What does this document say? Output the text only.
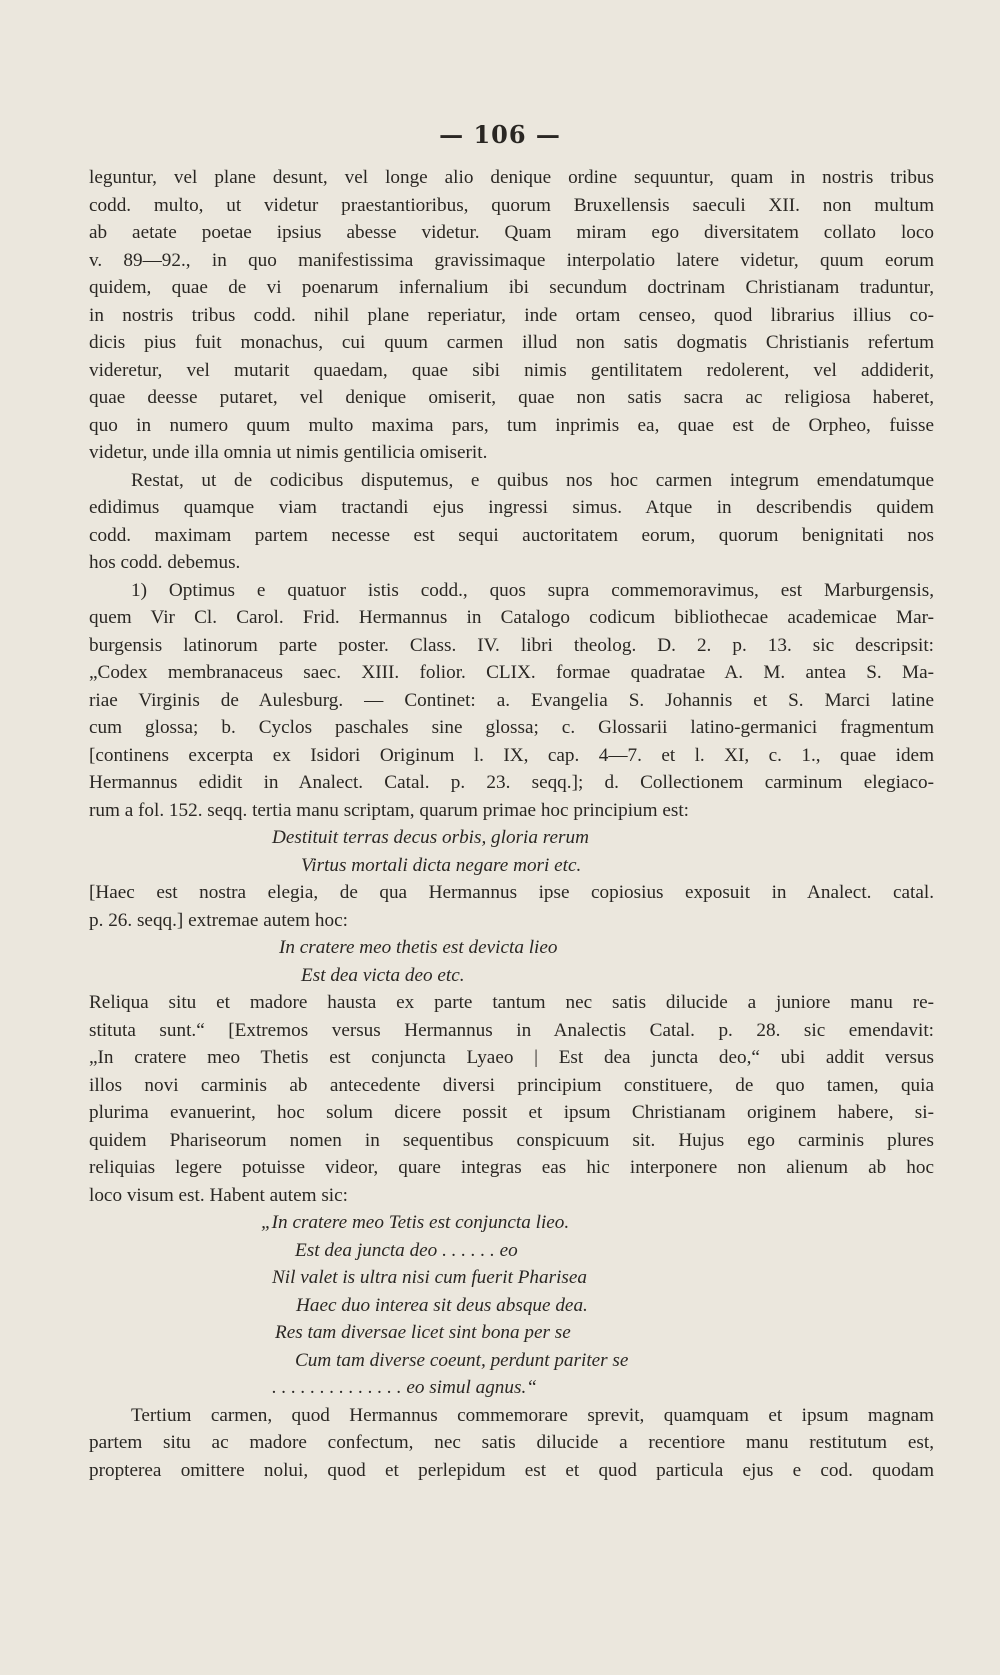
— 106 —
leguntur, vel plane desunt, vel longe alio denique ordine sequuntur, quam in nostris tribus
codd. multo, ut videtur praestantioribus, quorum Bruxellensis saeculi XII. non multum
ab aetate poetae ipsius abesse videtur. Quam miram ego diversitatem collato loco
v. 89—92., in quo manifestissima gravissimaque interpolatio latere videtur, quum eorum
quidem, quae de vi poenarum infernalium ibi secundum doctrinam Christianam traduntur,
in nostris tribus codd. nihil plane reperiatur, inde ortam censeo, quod librarius illius co-
dicis pius fuit monachus, cui quum carmen illud non satis dogmatis Christianis refertum
videretur, vel mutarit quaedam, quae sibi nimis gentilitatem redolerent, vel addiderit,
quae deesse putaret, vel denique omiserit, quae non satis sacra ac religiosa haberet,
quo in numero quum multo maxima pars, tum inprimis ea, quae est de Orpheo, fuisse
videtur, unde illa omnia ut nimis gentilicia omiserit.
Restat, ut de codicibus disputemus, e quibus nos hoc carmen integrum emendatumque
edidimus quamque viam tractandi ejus ingressi simus. Atque in describendis quidem
codd. maximam partem necesse est sequi auctoritatem eorum, quorum benignitati nos
hos codd. debemus.
1) Optimus e quatuor istis codd., quos supra commemoravimus, est Marburgensis,
quem Vir Cl. Carol. Frid. Hermannus in Catalogo codicum bibliothecae academicae Mar-
burgensis latinorum parte poster. Class. IV. libri theolog. D. 2. p. 13. sic descripsit:
„Codex membranaceus saec. XIII. folior. CLIX. formae quadratae A. M. antea S. Ma-
riae Virginis de Aulesburg. — Continet: a. Evangelia S. Johannis et S. Marci latine
cum glossa; b. Cyclos paschales sine glossa; c. Glossarii latino-germanici fragmentum
[continens excerpta ex Isidori Originum l. IX, cap. 4—7. et l. XI, c. 1., quae idem
Hermannus edidit in Analect. Catal. p. 23. seqq.]; d. Collectionem carminum elegiaco-
rum a fol. 152. seqq. tertia manu scriptam, quarum primae hoc principium est:
Destituit terras decus orbis, gloria rerum
Virtus mortali dicta negare mori etc.
[Haec est nostra elegia, de qua Hermannus ipse copiosius exposuit in Analect. catal.
p. 26. seqq.] extremae autem hoc:
In cratere meo thetis est devicta lieo
Est dea victa deo etc.
Reliqua situ et madore hausta ex parte tantum nec satis dilucide a juniore manu re-
stituta sunt.“ [Extremos versus Hermannus in Analectis Catal. p. 28. sic emendavit:
„In cratere meo Thetis est conjuncta Lyaeo | Est dea juncta deo,“ ubi addit versus
illos novi carminis ab antecedente diversi principium constituere, de quo tamen, quia
plurima evanuerint, hoc solum dicere possit et ipsum Christianam originem habere, si-
quidem Phariseorum nomen in sequentibus conspicuum sit. Hujus ego carminis plures
reliquias legere potuisse videor, quare integras eas hic interponere non alienum ab hoc
loco visum est. Habent autem sic:
„In cratere meo Tetis est conjuncta lieo.
Est dea juncta deo . . . . . . eo
Nil valet is ultra nisi cum fuerit Pharisea
Haec duo interea sit deus absque dea.
Res tam diversae licet sint bona per se
Cum tam diverse coeunt, perdunt pariter se
. . . . . . . . . . . . . . eo simul agnus.“
Tertium carmen, quod Hermannus commemorare sprevit, quamquam et ipsum magnam
partem situ ac madore confectum, nec satis dilucide a recentiore manu restitutum est,
propterea omittere nolui, quod et perlepidum est et quod particula ejus e cod. quodam
